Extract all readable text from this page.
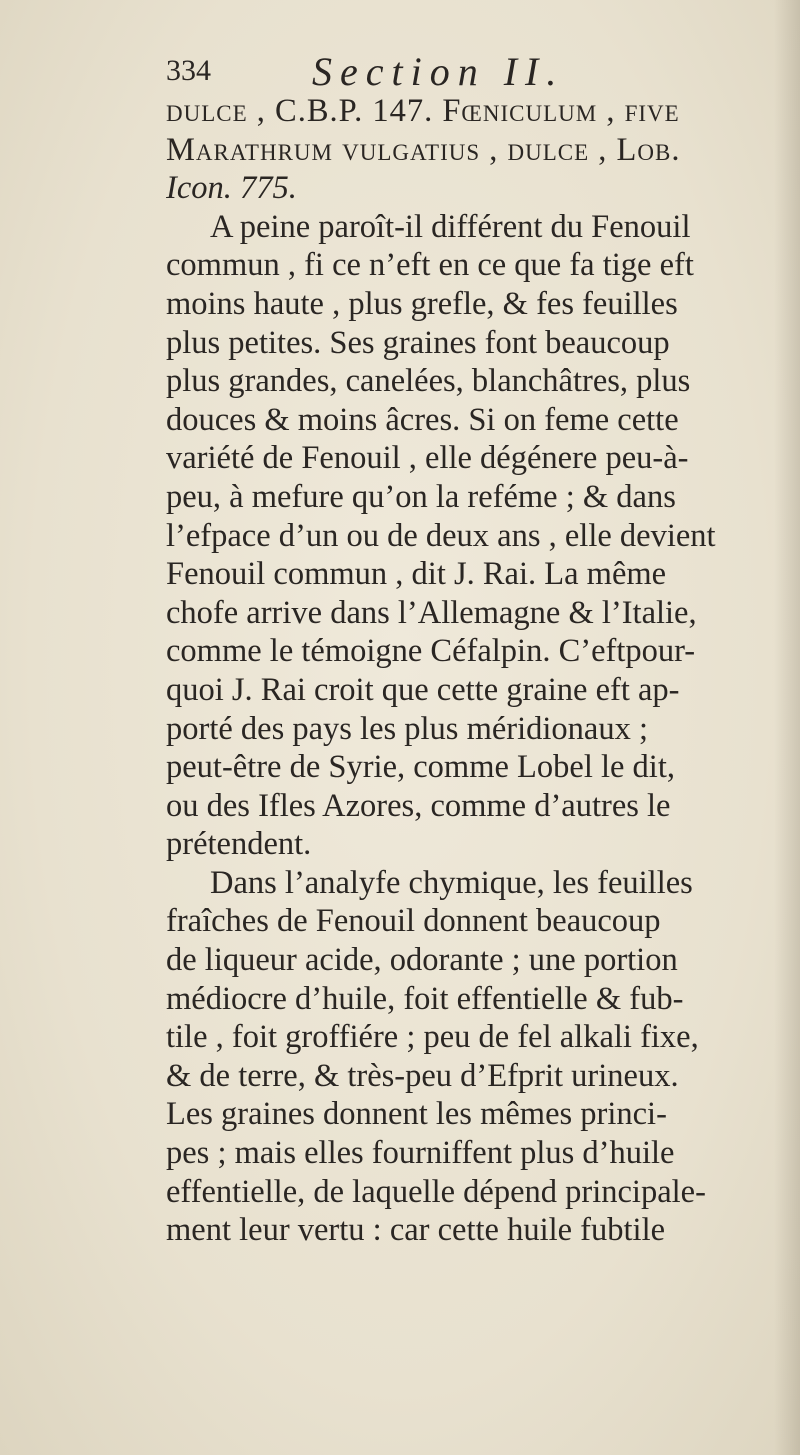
334	Section II.
dulce , C.B.P. 147. Fœniculum , five
Marathrum vulgatius , dulce , Lob.
Icon. 775.
A peine paroît-il différent du Fenouil
commun , fi ce n’eft en ce que fa tige eft
moins haute , plus grefle, & fes feuilles
plus petites. Ses graines font beaucoup
plus grandes, canelées, blanchâtres, plus
douces & moins âcres. Si on feme cette
variété de Fenouil , elle dégénere peu-à-
peu, à mefure qu’on la reféme ; & dans
l’efpace d’un ou de deux ans , elle devient
Fenouil commun , dit J. Rai. La même
chofe arrive dans l’Allemagne & l’Italie,
comme le témoigne Céfalpin. C’eftpour-
quoi J. Rai croit que cette graine eft ap-
porté des pays les plus méridionaux ;
peut-être de Syrie, comme Lobel le dit,
ou des Ifles Azores, comme d’autres le
prétendent.
Dans l’analyfe chymique, les feuilles
fraîches de Fenouil donnent beaucoup
de liqueur acide, odorante ; une portion
médiocre d’huile, foit effentielle & fub-
tile , foit groffiére ; peu de fel alkali fixe,
& de terre, & très-peu d’Efprit urineux.
Les graines donnent les mêmes princi-
pes ; mais elles fourniffent plus d’huile
effentielle, de laquelle dépend principale-
ment leur vertu : car cette huile fubtile
